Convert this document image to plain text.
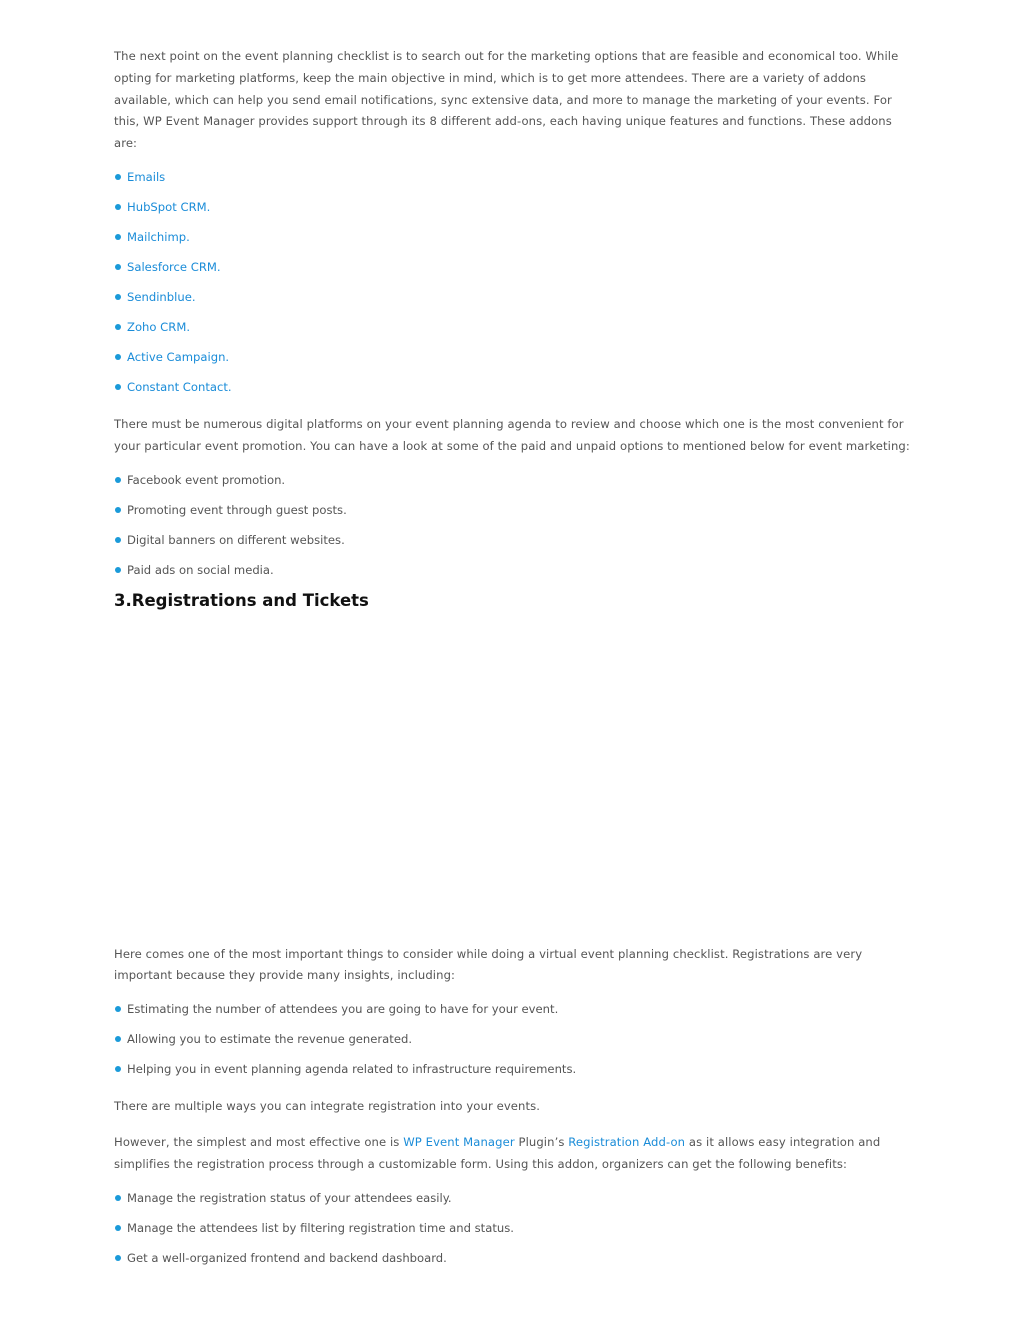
The next point on the event planning checklist is to search out for the marketing options that are feasible and economical too. While opting for marketing platforms, keep the main objective in mind, which is to get more attendees. There are a variety of addons available, which can help you send email notifications, sync extensive data, and more to manage the marketing of your events. For this, WP Event Manager provides support through its 8 different add-ons, each having unique features and functions. These addons are:

Emails
HubSpot CRM.
Mailchimp.
Salesforce CRM.
Sendinblue.
Zoho CRM.
Active Campaign.
Constant Contact.

There must be numerous digital platforms on your event planning agenda to review and choose which one is the most convenient for your particular event promotion. You can have a look at some of the paid and unpaid options to mentioned below for event marketing:

Facebook event promotion.
Promoting event through guest posts.
Digital banners on different websites.
Paid ads on social media.
3.Registrations and Tickets

Here comes one of the most important things to consider while doing a virtual event planning checklist. Registrations are very important because they provide many insights, including:

Estimating the number of attendees you are going to have for your event.
Allowing you to estimate the revenue generated.
Helping you in event planning agenda related to infrastructure requirements.

There are multiple ways you can integrate registration into your events.

However, the simplest and most effective one is WP Event Manager Plugin’s Registration Add-on as it allows easy integration and simplifies the registration process through a customizable form. Using this addon, organizers can get the following benefits:

Manage the registration status of your attendees easily.
Manage the attendees list by filtering registration time and status.
Get a well-organized frontend and backend dashboard.
